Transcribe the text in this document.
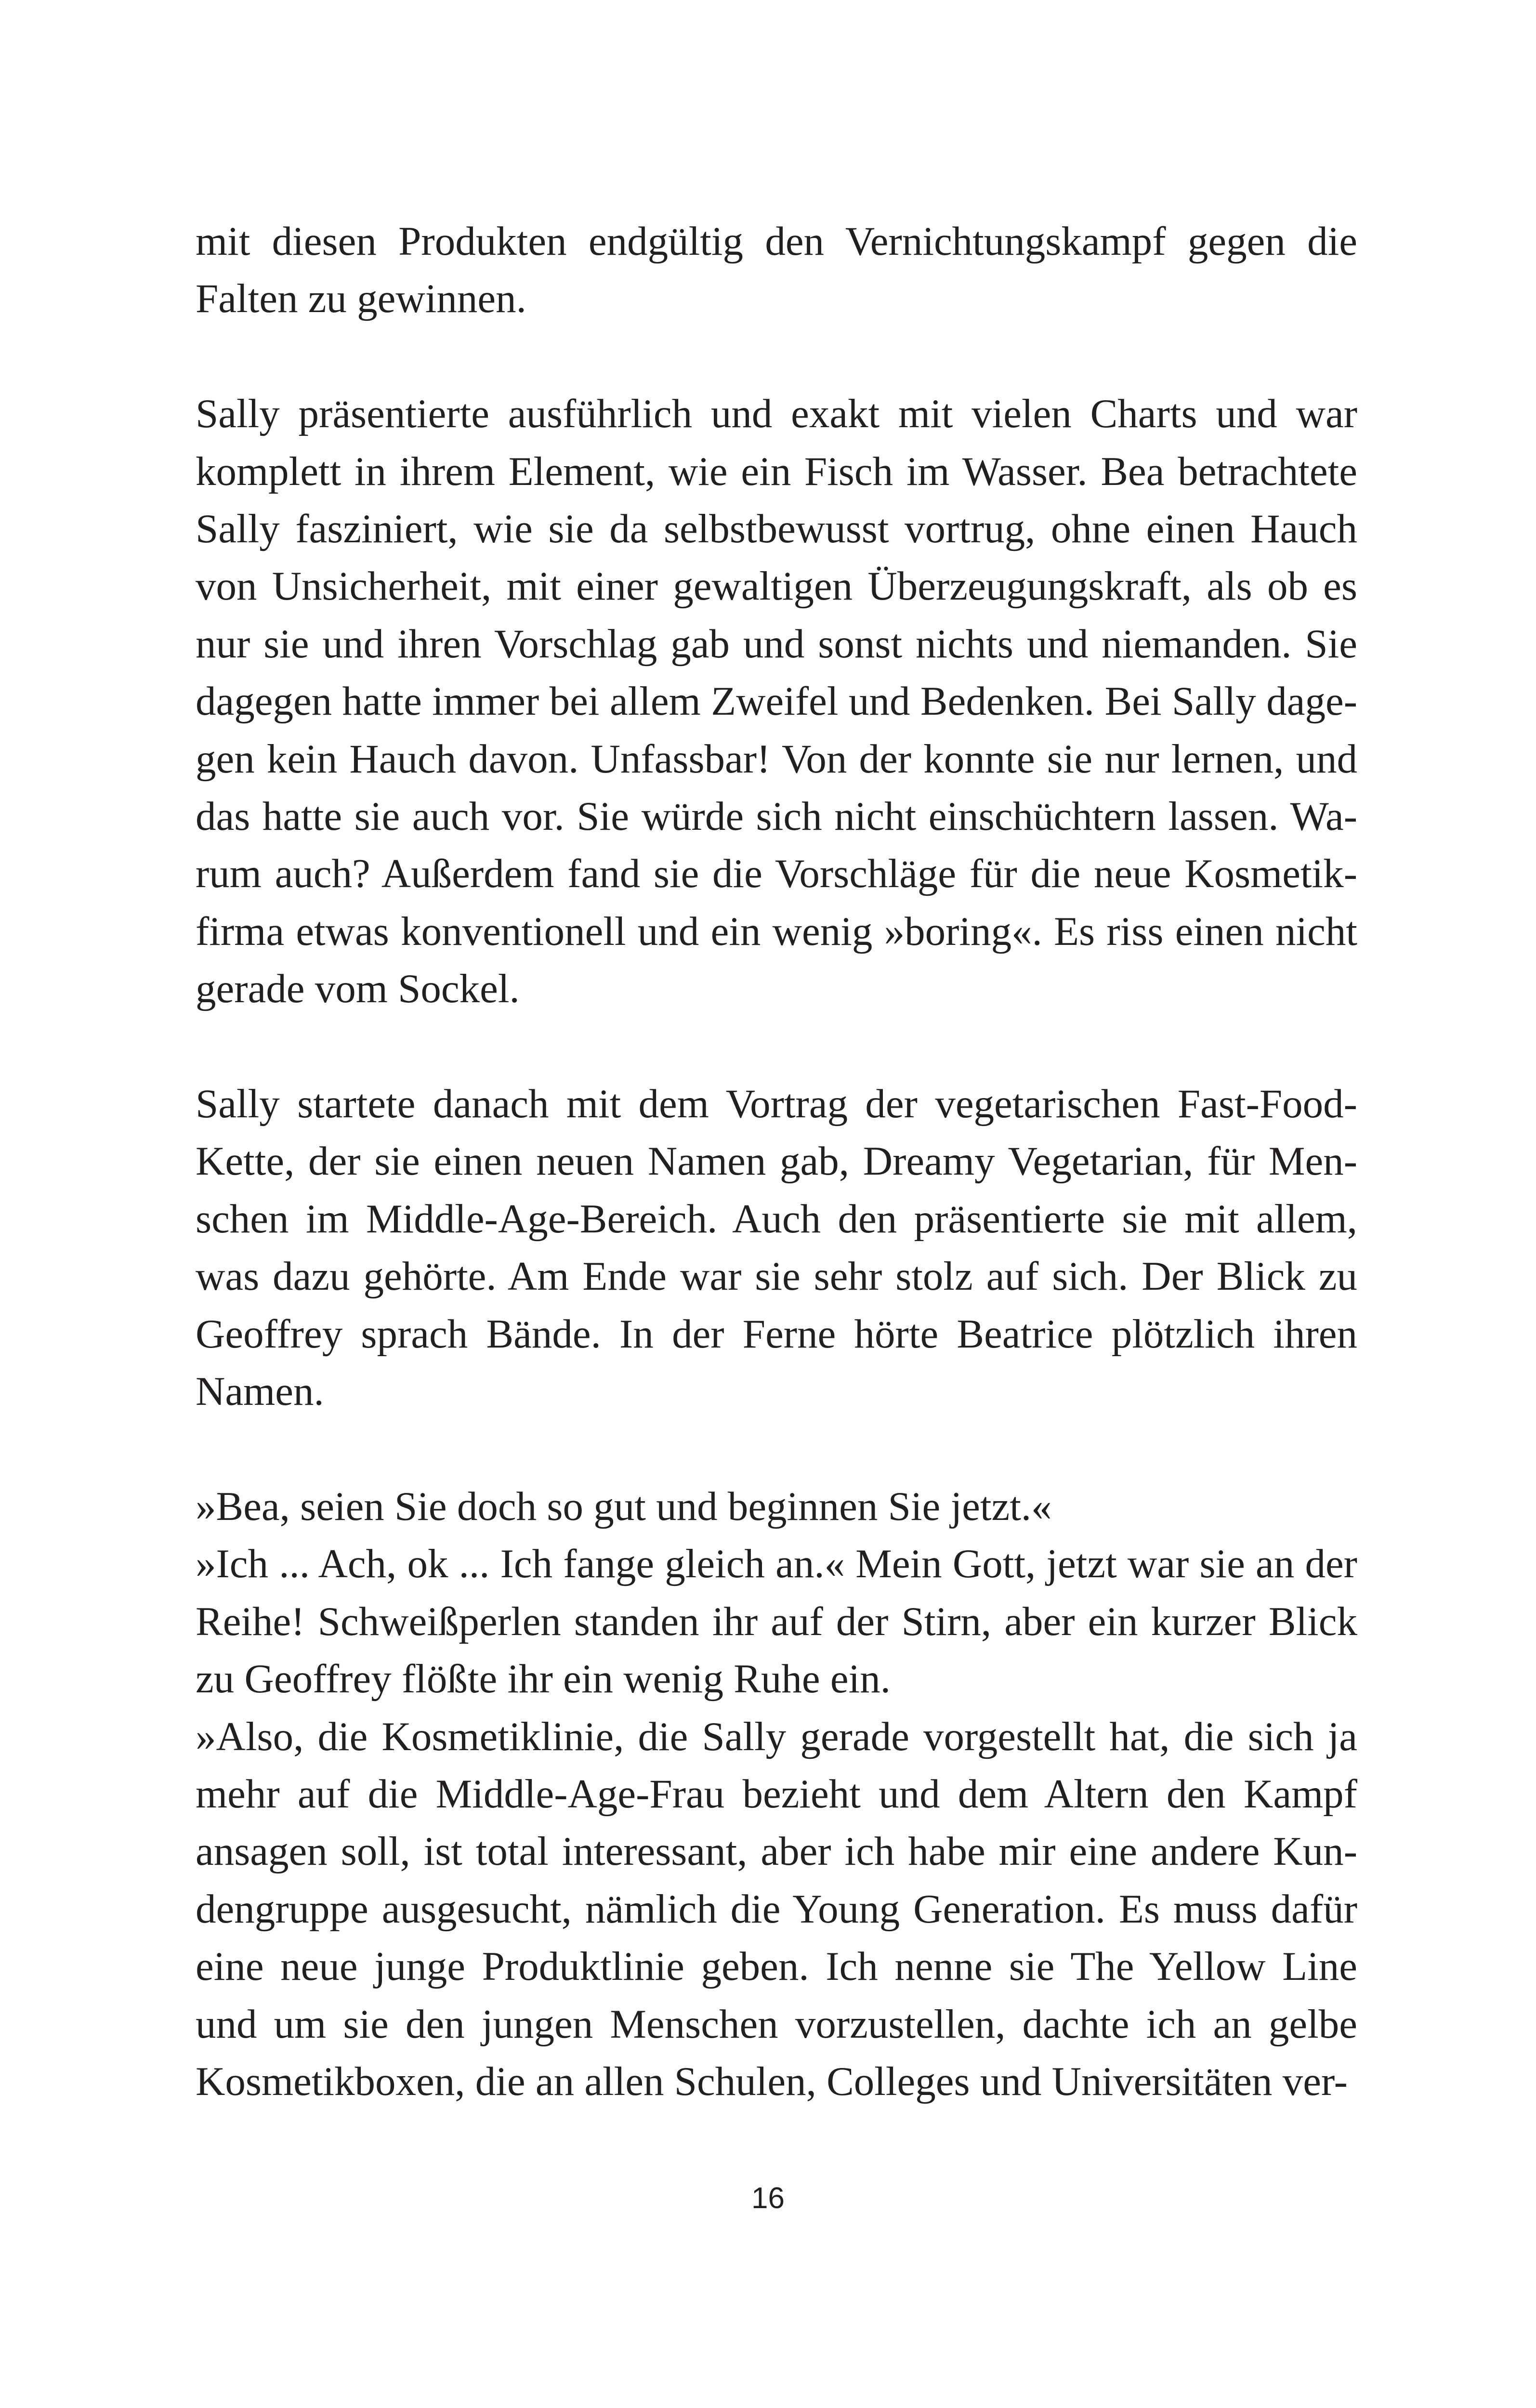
mit diesen Produkten endgültig den Vernichtungskampf gegen die Falten zu gewinnen.

Sally präsentierte ausführlich und exakt mit vielen Charts und war komplett in ihrem Element, wie ein Fisch im Wasser. Bea betrachtete Sally fasziniert, wie sie da selbstbewusst vortrug, ohne einen Hauch von Unsicherheit, mit einer gewaltigen Überzeugungskraft, als ob es nur sie und ihren Vorschlag gab und sonst nichts und niemanden. Sie dagegen hatte immer bei allem Zweifel und Bedenken. Bei Sally dagegen kein Hauch davon. Unfassbar! Von der konnte sie nur lernen, und das hatte sie auch vor. Sie würde sich nicht einschüchtern lassen. Warum auch? Außerdem fand sie die Vorschläge für die neue Kosmetikfirma etwas konventionell und ein wenig »boring«. Es riss einen nicht gerade vom Sockel.

Sally startete danach mit dem Vortrag der vegetarischen Fast-Food-Kette, der sie einen neuen Namen gab, Dreamy Vegetarian, für Menschen im Middle-Age-Bereich. Auch den präsentierte sie mit allem, was dazu gehörte. Am Ende war sie sehr stolz auf sich. Der Blick zu Geoffrey sprach Bände. In der Ferne hörte Beatrice plötzlich ihren Namen.

»Bea, seien Sie doch so gut und beginnen Sie jetzt.«

»Ich ... Ach, ok ... Ich fange gleich an.« Mein Gott, jetzt war sie an der Reihe! Schweißperlen standen ihr auf der Stirn, aber ein kurzer Blick zu Geoffrey flößte ihr ein wenig Ruhe ein.

»Also, die Kosmetiklinie, die Sally gerade vorgestellt hat, die sich ja mehr auf die Middle-Age-Frau bezieht und dem Altern den Kampf ansagen soll, ist total interessant, aber ich habe mir eine andere Kundengruppe ausgesucht, nämlich die Young Generation. Es muss dafür eine neue junge Produktlinie geben. Ich nenne sie The Yellow Line und um sie den jungen Menschen vorzustellen, dachte ich an gelbe Kosmetikboxen, die an allen Schulen, Colleges und Universitäten ver-

16
